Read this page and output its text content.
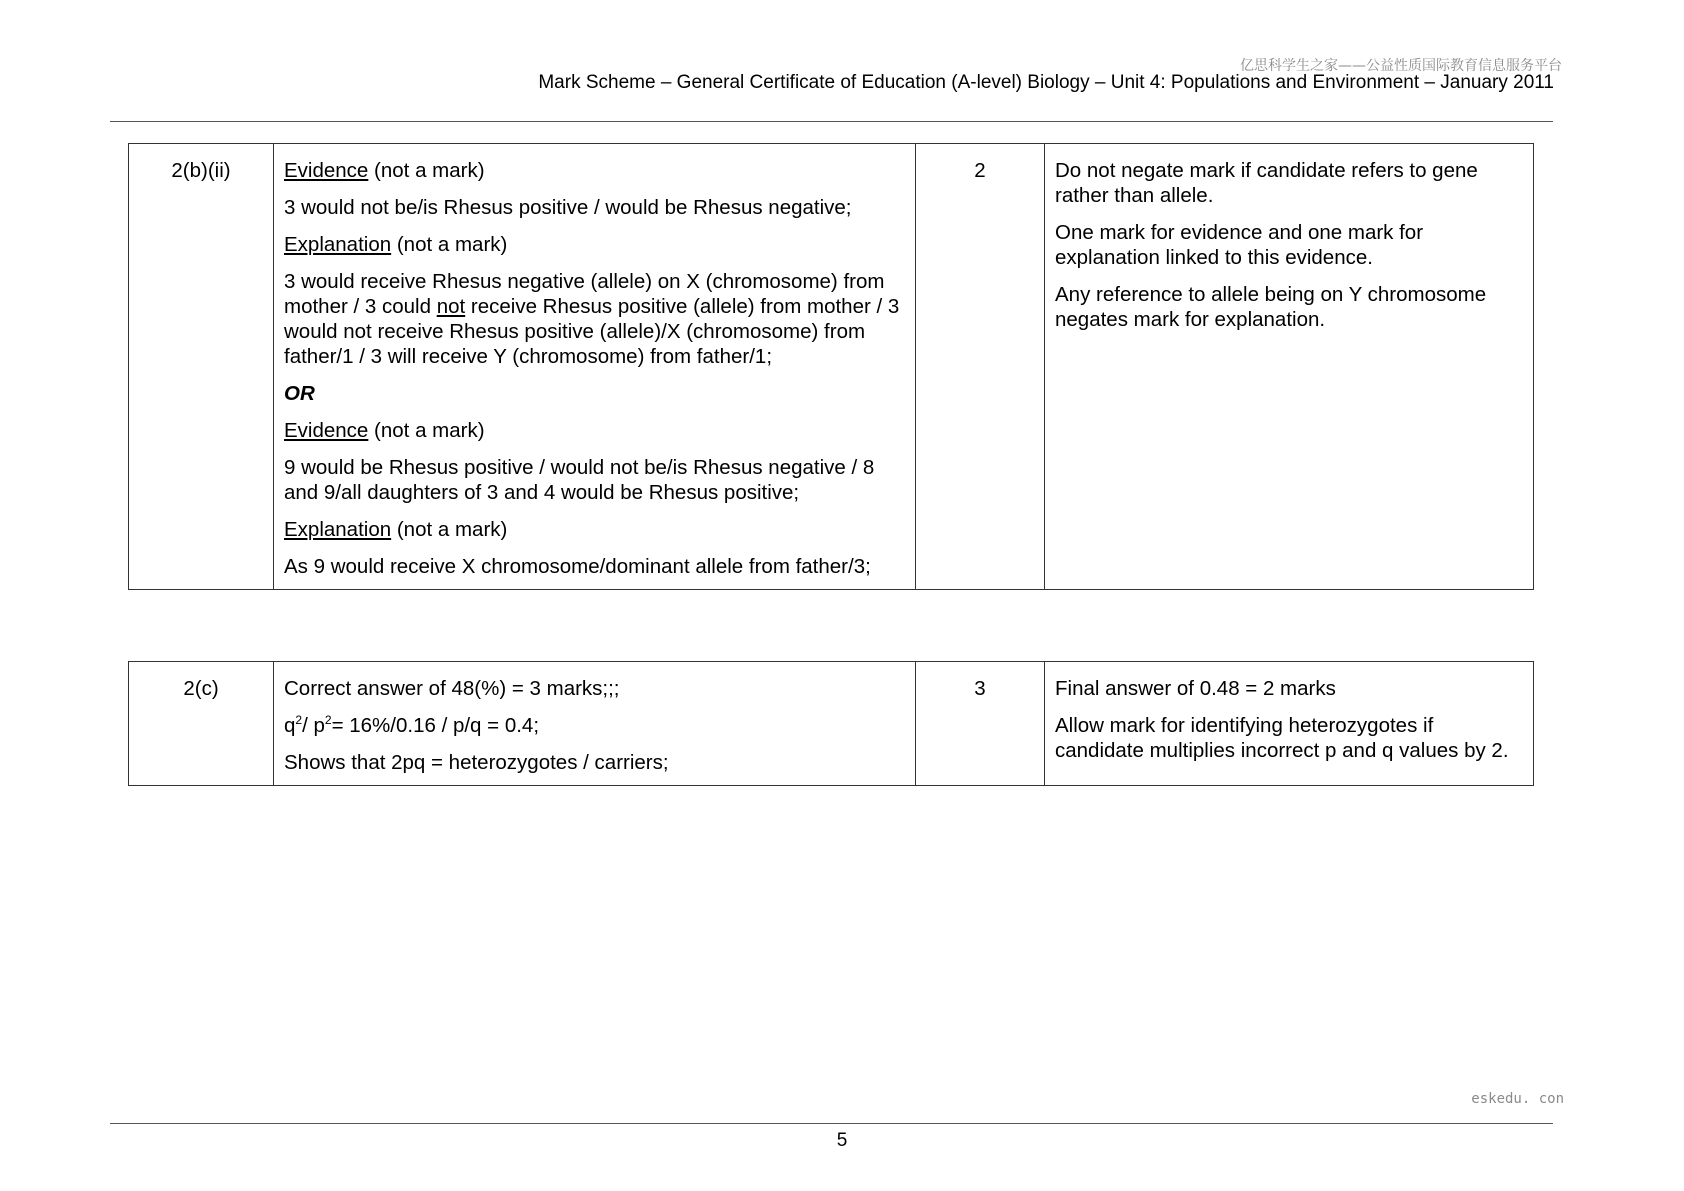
亿思科学生之家——公益性质国际教育信息服务平台
Mark Scheme – General Certificate of Education (A-level) Biology – Unit 4: Populations and Environment – January 2011
2(b)(ii)	Evidence (not a mark)

3 would not be/is Rhesus positive / would be Rhesus negative;

Explanation (not a mark)

3 would receive Rhesus negative (allele) on X (chromosome) from mother / 3 could not receive Rhesus positive (allele) from mother / 3 would not receive Rhesus positive (allele)/X (chromosome) from father/1 / 3 will receive Y (chromosome) from father/1;

OR

Evidence (not a mark)

9 would be Rhesus positive / would not be/is Rhesus negative / 8 and 9/all daughters of 3 and 4 would be Rhesus positive;

Explanation (not a mark)

As 9 would receive X chromosome/dominant allele from father/3;

	2	Do not negate mark if candidate refers to gene rather than allele.

One mark for evidence and one mark for explanation linked to this evidence.

Any reference to allele being on Y chromosome negates mark for explanation.

2(c)	Correct answer of 48(%) = 3 marks;;;

$q^2/$ $p^2= 16\%/0.16 / p/q = 0.4$;

Shows that 2pq = heterozygotes / carriers;

	3	Final answer of 0.48 = 2 marks

Allow mark for identifying heterozygotes if candidate multiplies incorrect p and q values by 2.

eskedu. con
5
